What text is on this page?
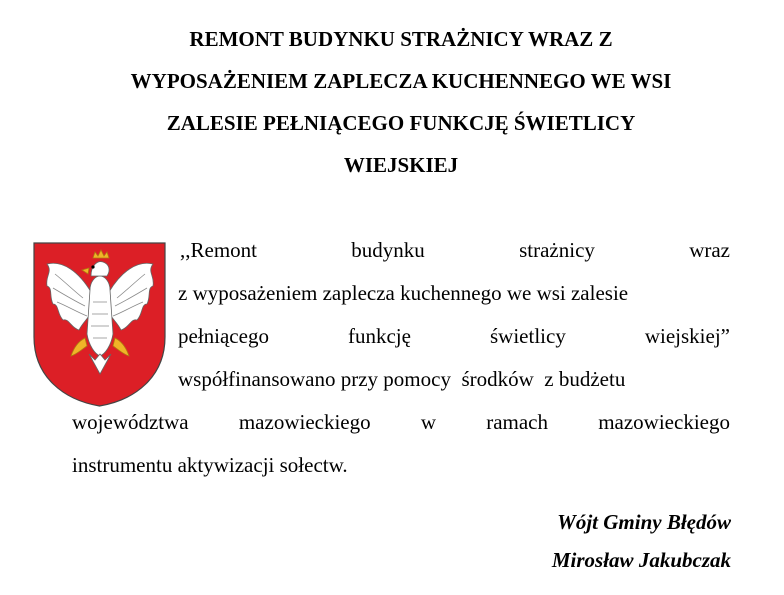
REMONT BUDYNKU STRAŻNICY WRAZ Z
WYPOSAŻENIEM ZAPLECZA KUCHENNEGO WE WSI
ZALESIE PEŁNIĄCEGO FUNKCJĘ ŚWIETLICY
WIEJSKIEJ
,,Remont	budynku	strażnicy	wraz
z wyposażeniem zaplecza kuchennego we wsi zalesie
pełniącego	funkcję	świetlicy	wiejskiej”
współfinansowano przy pomocy  środków  z budżetu
województwa mazowieckiego w ramach mazowieckiego
instrumentu aktywizacji sołectw.
Wójt Gminy Błędów
Mirosław Jakubczak
